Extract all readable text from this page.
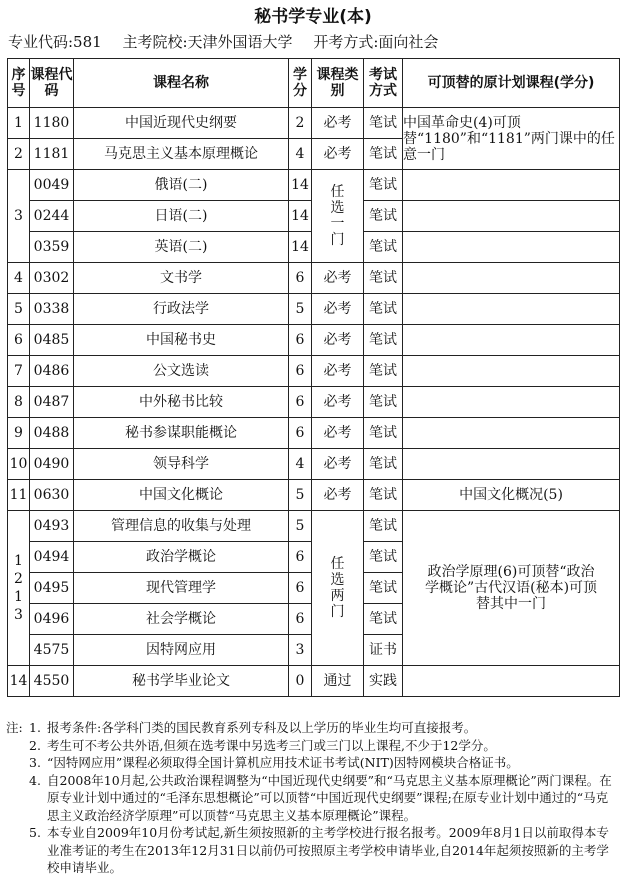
秘书学专业(本)
专业代码:581 主考院校:天津外国语大学 开考方式:面向社会
序号	课程代码	课程名称	学分	课程类别	考试方式	可顶替的原计划课程(学分)
1	1180	中国近现代史纲要	2	必考	笔试	中国革命史(4)可顶替“1180”和“1181”两门课中的任意一门
2	1181	马克思主义基本原理概论	4	必考	笔试	
3	0049	俄语(二)	14	任选一门	笔试	
	0244	日语(二)	14		笔试	
	0359	英语(二)	14		笔试	
4	0302	文书学	6	必考	笔试	
5	0338	行政法学	5	必考	笔试	
6	0485	中国秘书史	6	必考	笔试	
7	0486	公文选读	6	必考	笔试	
8	0487	中外秘书比较	6	必考	笔试	
9	0488	秘书参谋职能概论	6	必考	笔试	
10	0490	领导科学	4	必考	笔试	
11	0630	中国文化概论	5	必考	笔试	中国文化概况(5)
12 13	0493	管理信息的收集与处理	5	任选两门	笔试	政治学原理(6)可顶替“政治学概论”古代汉语(秘本)可顶替其中一门
	0494	政治学概论	6		笔试	
	0495	现代管理学	6		笔试	
	0496	社会学概论	6		笔试	
	4575	因特网应用	3		证书	
14	4550	秘书学毕业论文	0	通过	实践	
注: 1. 报考条件:各学科门类的国民教育系列专科及以上学历的毕业生均可直接报考。
2. 考生可不考公共外语,但须在选考课中另选考三门或三门以上课程,不少于12学分。
3. “因特网应用”课程必须取得全国计算机应用技术证书考试(NIT)因特网模块合格证书。
4. 自2008年10月起,公共政治课程调整为“中国近现代史纲要”和“马克思主义基本原理概论”两门课程。在原专业计划中通过的“毛泽东思想概论”可以顶替“中国近现代史纲要”课程;在原专业计划中通过的“马克思主义政治经济学原理”可以顶替“马克思主义基本原理概论”课程。
5. 本专业自2009年10月份考试起,新生须按照新的主考学校进行报名报考。2009年8月1日以前取得本专业准考证的考生在2013年12月31日以前仍可按照原主考学校申请毕业,自2014年起须按照新的主考学校申请毕业。
